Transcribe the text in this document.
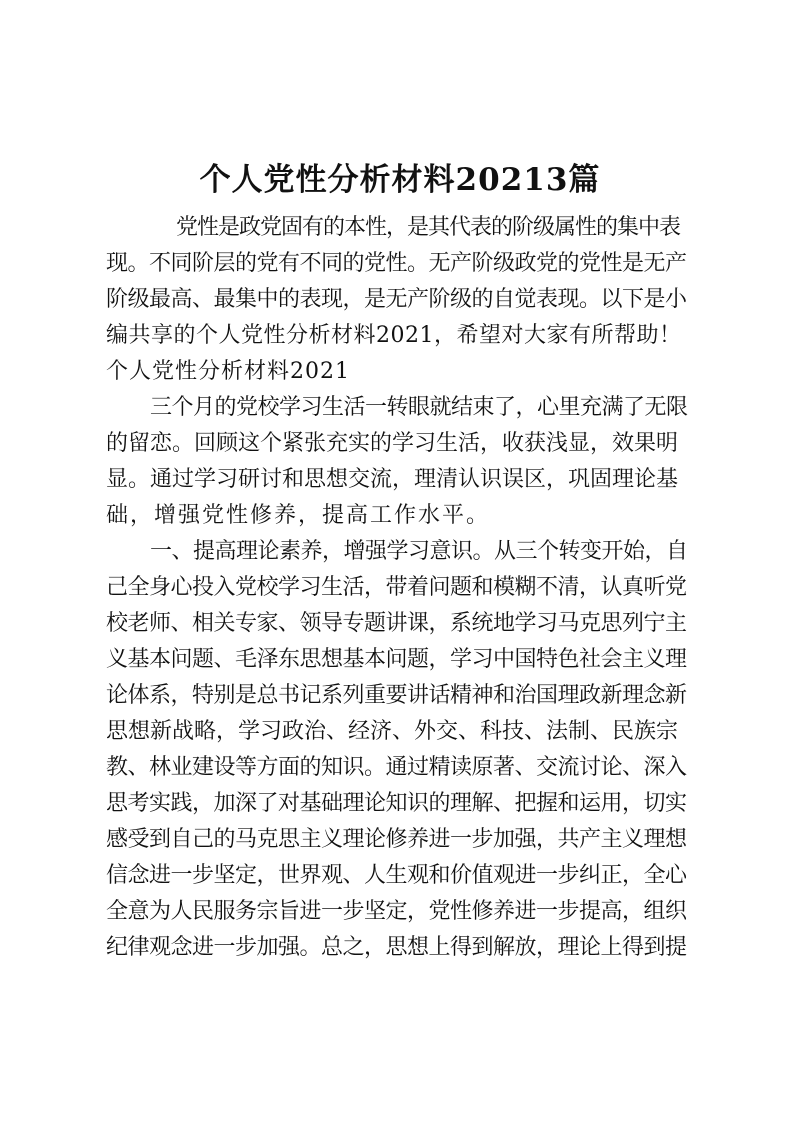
个人党性分析材料20213篇
党性是政党固有的本性，是其代表的阶级属性的集中表
现。不同阶层的党有不同的党性。无产阶级政党的党性是无产
阶级最高、最集中的表现，是无产阶级的自觉表现。以下是小
编共享的个人党性分析材料2021，希望对大家有所帮助！
个人党性分析材料2021
三个月的党校学习生活一转眼就结束了，心里充满了无限
的留恋。回顾这个紧张充实的学习生活，收获浅显，效果明
显。通过学习研讨和思想交流，理清认识误区，巩固理论基
础，增强党性修养，提高工作水平。
一、提高理论素养，增强学习意识。从三个转变开始，自
己全身心投入党校学习生活，带着问题和模糊不清，认真听党
校老师、相关专家、领导专题讲课，系统地学习马克思列宁主
义基本问题、毛泽东思想基本问题，学习中国特色社会主义理
论体系，特别是总书记系列重要讲话精神和治国理政新理念新
思想新战略，学习政治、经济、外交、科技、法制、民族宗
教、林业建设等方面的知识。通过精读原著、交流讨论、深入
思考实践，加深了对基础理论知识的理解、把握和运用，切实
感受到自己的马克思主义理论修养进一步加强，共产主义理想
信念进一步坚定，世界观、人生观和价值观进一步纠正，全心
全意为人民服务宗旨进一步坚定，党性修养进一步提高，组织
纪律观念进一步加强。总之，思想上得到解放，理论上得到提
